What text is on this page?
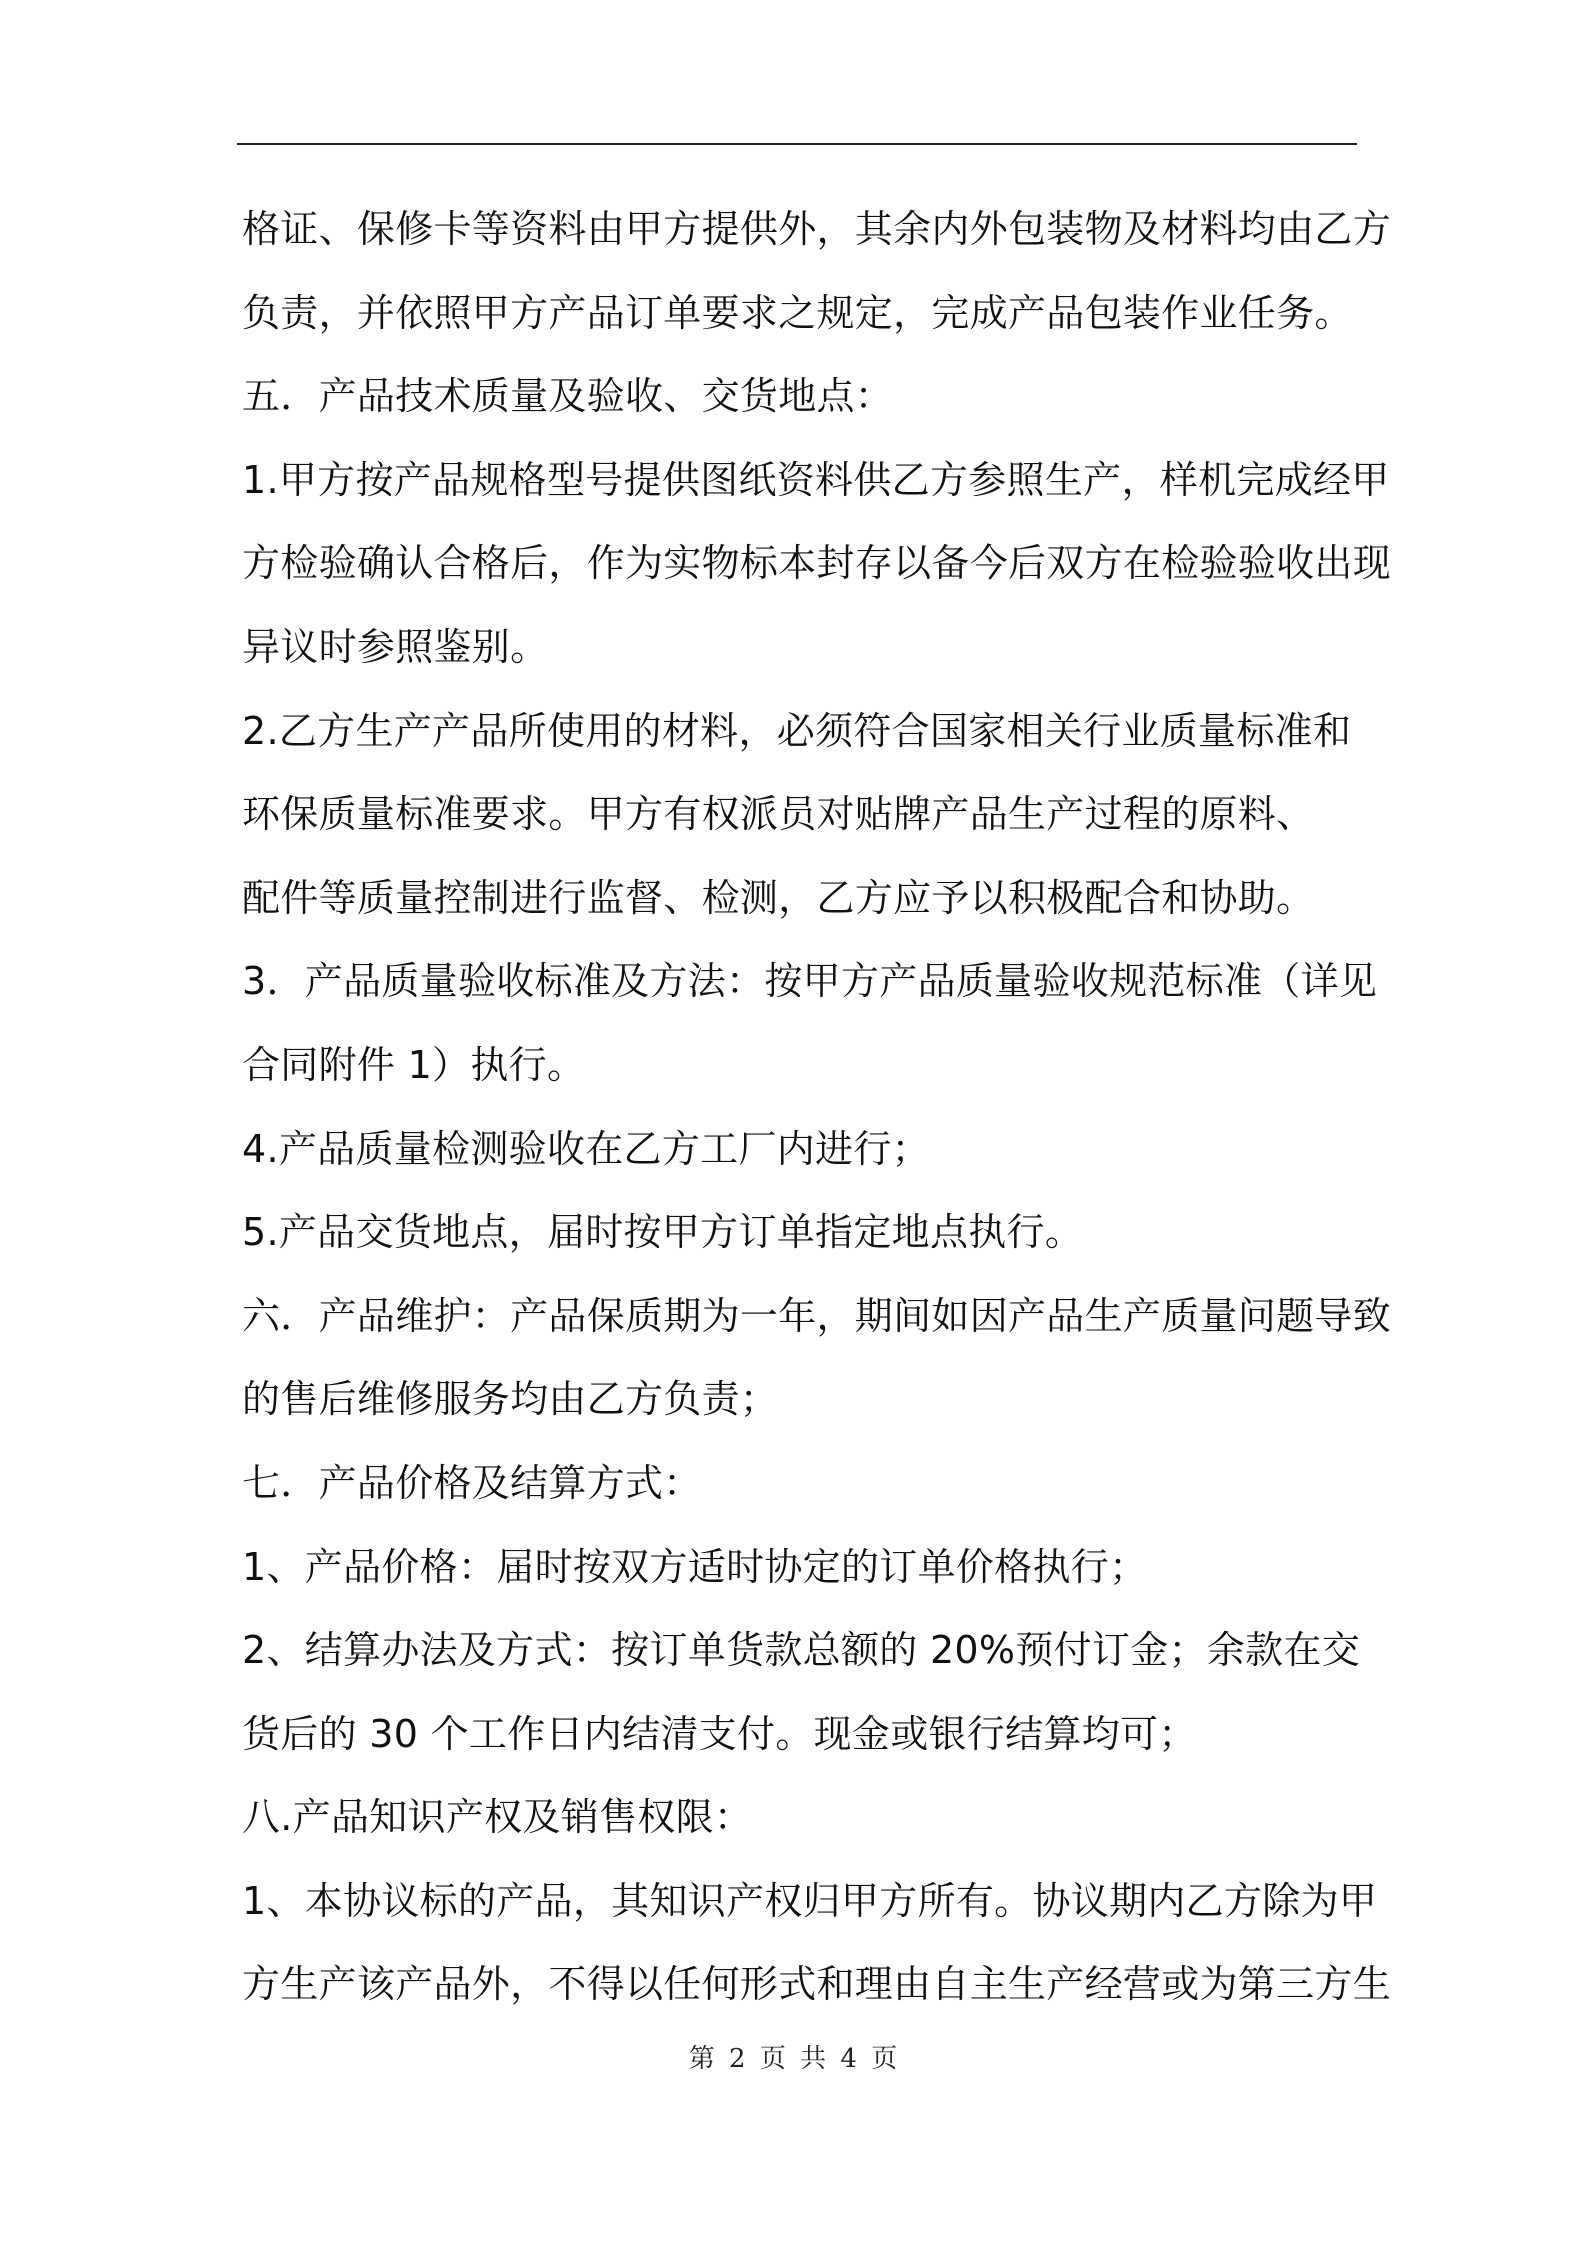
格证、保修卡等资料由甲方提供外，其余内外包装物及材料均由乙方
负责，并依照甲方产品订单要求之规定，完成产品包装作业任务。
五．产品技术质量及验收、交货地点：
1.甲方按产品规格型号提供图纸资料供乙方参照生产，样机完成经甲
方检验确认合格后，作为实物标本封存以备今后双方在检验验收出现
异议时参照鉴别。
2.乙方生产产品所使用的材料，必须符合国家相关行业质量标准和
环保质量标准要求。甲方有权派员对贴牌产品生产过程的原料、
配件等质量控制进行监督、检测，乙方应予以积极配合和协助。
3．产品质量验收标准及方法：按甲方产品质量验收规范标准（详见
合同附件 1）执行。
4.产品质量检测验收在乙方工厂内进行；
5.产品交货地点，届时按甲方订单指定地点执行。
六．产品维护：产品保质期为一年，期间如因产品生产质量问题导致
的售后维修服务均由乙方负责；
七．产品价格及结算方式：
1、产品价格：届时按双方适时协定的订单价格执行；
2、结算办法及方式：按订单货款总额的 20%预付订金；余款在交
货后的 30 个工作日内结清支付。现金或银行结算均可；
八.产品知识产权及销售权限：
1、本协议标的产品，其知识产权归甲方所有。协议期内乙方除为甲
方生产该产品外，不得以任何形式和理由自主生产经营或为第三方生
第 2 页 共 4 页
